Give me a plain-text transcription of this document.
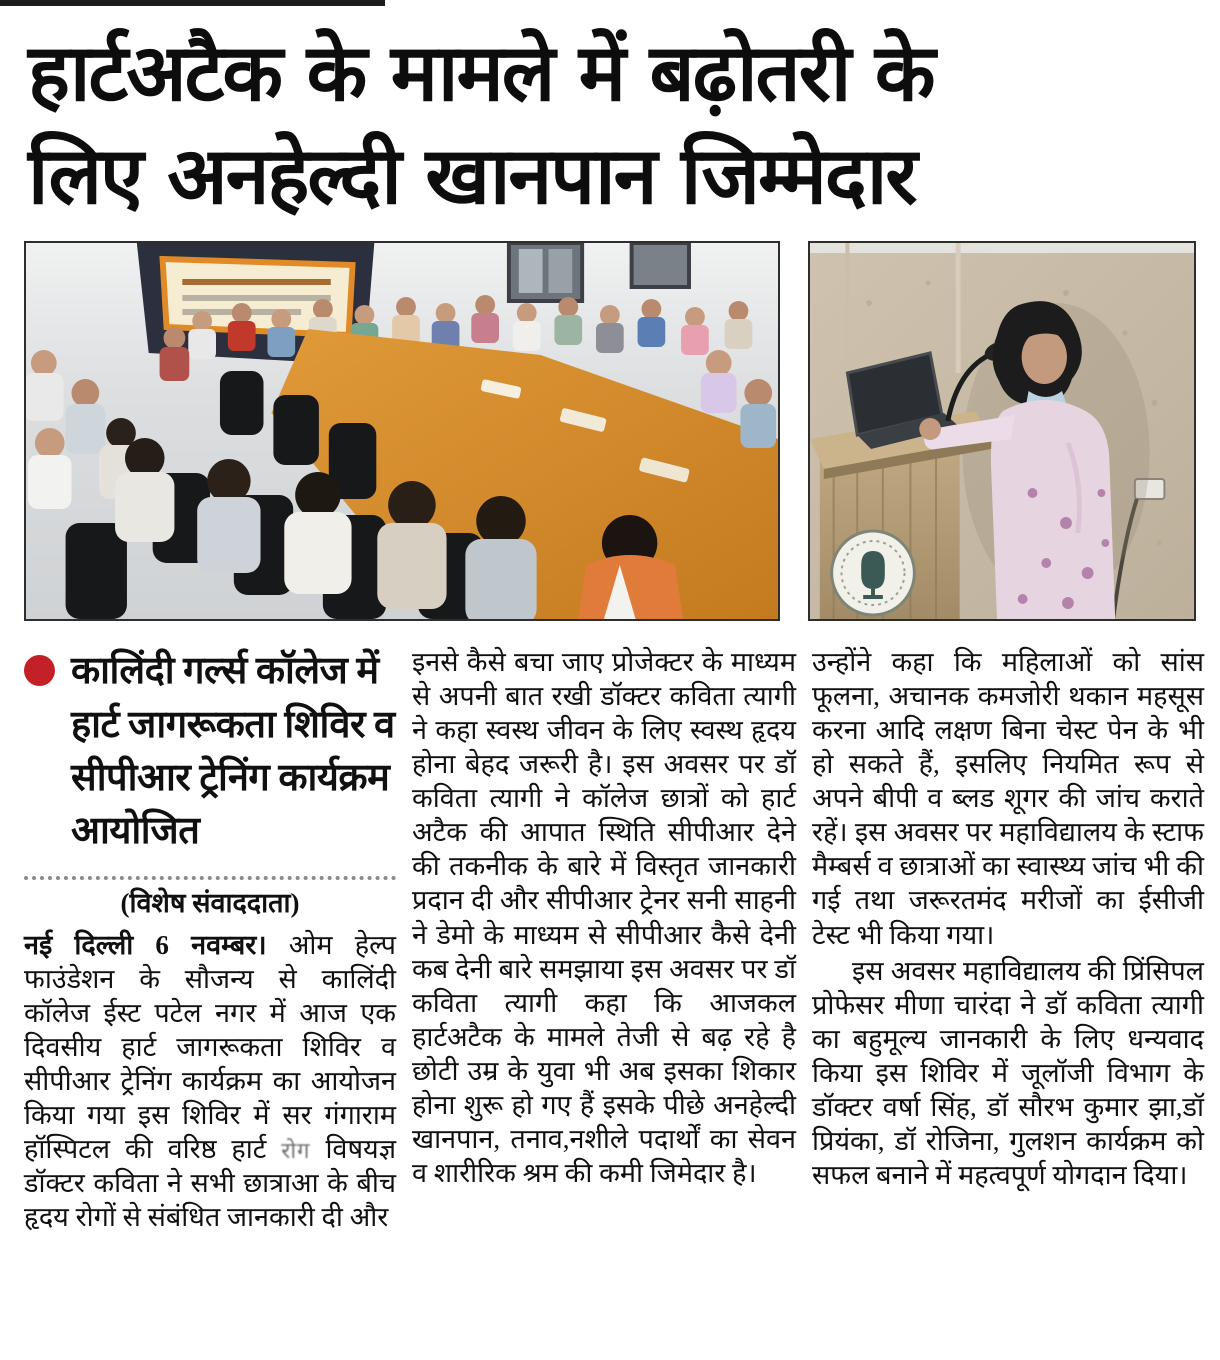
हार्टअटैक के मामले में बढ़ोतरी के
लिए अनहेल्दी खानपान जिम्मेदार
कालिंदी गर्ल्स कॉलेज में हार्ट जागरूकता शिविर व सीपीआर ट्रेनिंग कार्यक्रम आयोजित
(विशेष संवाददाता)

नई दिल्ली 6 नवम्बर। ओम हेल्प फाउंडेशन के सौजन्य से कालिंदी कॉलेज ईस्ट पटेल नगर में आज एक दिवसीय हार्ट जागरूकता शिविर व सीपीआर ट्रेनिंग कार्यक्रम का आयोजन किया गया इस शिविर में सर गंगाराम हॉस्पिटल की वरिष्ठ हार्ट रोग विषयज्ञ डॉक्टर कविता ने सभी छात्राआ के बीच हृदय रोगों से संबंधित जानकारी दी और

इनसे कैसे बचा जाए प्रोजेक्टर के माध्यम से अपनी बात रखी डॉक्टर कविता त्यागी ने कहा स्वस्थ जीवन के लिए स्वस्थ हृदय होना बेहद जरूरी है। इस अवसर पर डॉ कविता त्यागी ने कॉलेज छात्रों को हार्ट अटैक की आपात स्थिति सीपीआर देने की तकनीक के बारे में विस्तृत जानकारी प्रदान दी और सीपीआर ट्रेनर सनी साहनी ने डेमो के माध्यम से सीपीआर कैसे देनी कब देनी बारे समझाया इस अवसर पर डॉ कविता त्यागी कहा कि आजकल हार्टअटैक के मामले तेजी से बढ़ रहे है छोटी उम्र के युवा भी अब इसका शिकार होना शुरू हो गए हैं इसके पीछे अनहेल्दी खानपान, तनाव,नशीले पदार्थों का सेवन व शारीरिक श्रम की कमी जिमेदार है।

उन्होंने कहा कि महिलाओं को सांस फूलना, अचानक कमजोरी थकान महसूस करना आदि लक्षण बिना चेस्ट पेन के भी हो सकते हैं, इसलिए नियमित रूप से अपने बीपी व ब्लड शूगर की जांच कराते रहें। इस अवसर पर महाविद्यालय के स्टाफ मैम्बर्स व छात्राओं का स्वास्थ्य जांच भी की गई तथा जरूरतमंद मरीजों का ईसीजी टेस्ट भी किया गया।

इस अवसर महाविद्यालय की प्रिंसिपल प्रोफेसर मीणा चारंदा ने डॉ कविता त्यागी का बहुमूल्य जानकारी के लिए धन्यवाद किया इस शिविर में जूलॉजी विभाग के डॉक्टर वर्षा सिंह, डॉ सौरभ कुमार झा,डॉ प्रियंका, डॉ रोजिना, गुलशन कार्यक्रम को सफल बनाने में महत्वपूर्ण योगदान दिया।
